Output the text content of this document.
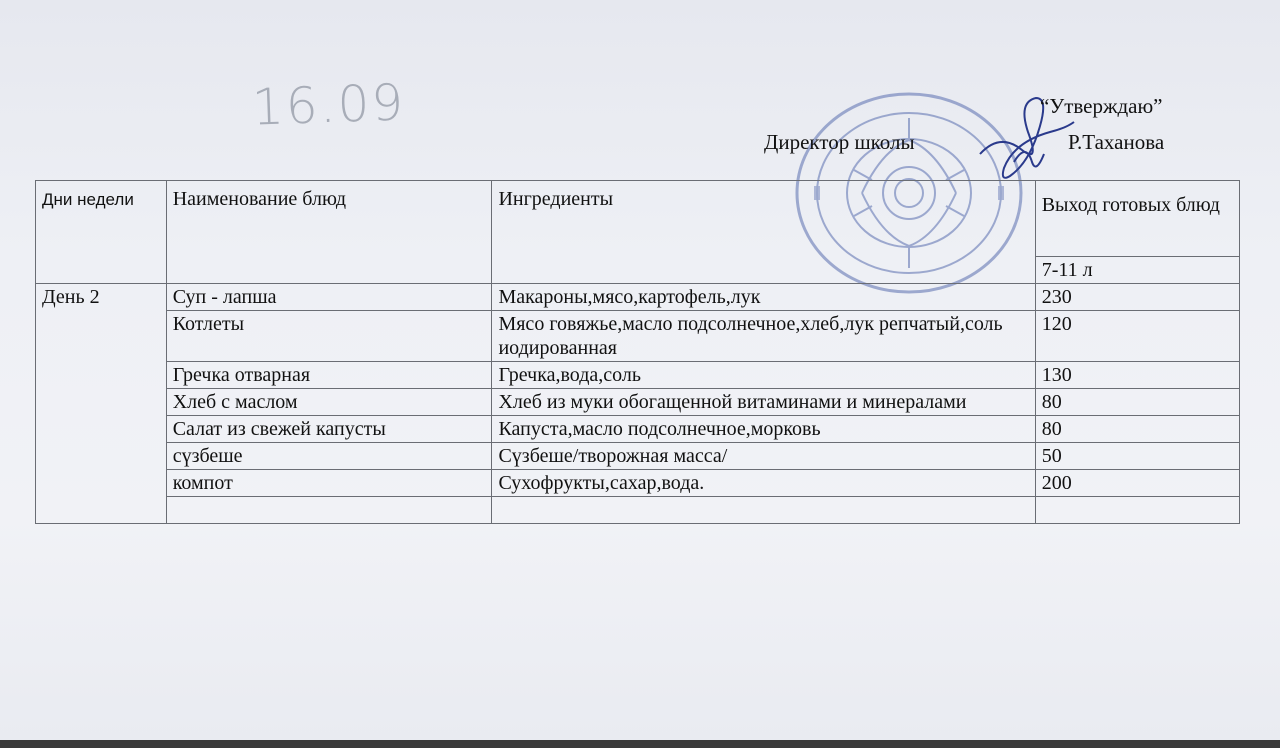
16.09	“Утверждаю”
Директор школы	Р.Таханова
Дни недели	Наименование блюд	Ингредиенты	Выход готовых блюд
			7-11 л
День 2	Суп - лапша	Макароны,мясо,картофель,лук	230
	Котлеты	Мясо говяжье,масло подсолнечное,хлеб,лук репчатый,соль иодированная	120
	Гречка отварная	Гречка,вода,соль	130
	Хлеб с маслом	Хлеб из муки обогащенной витаминами и минералами	80
	Салат из свежей капусты	Капуста,масло подсолнечное,морковь	80
	сүзбеше	Сүзбеше/творожная масса/	50
	компот	Сухофрукты,сахар,вода.	200
